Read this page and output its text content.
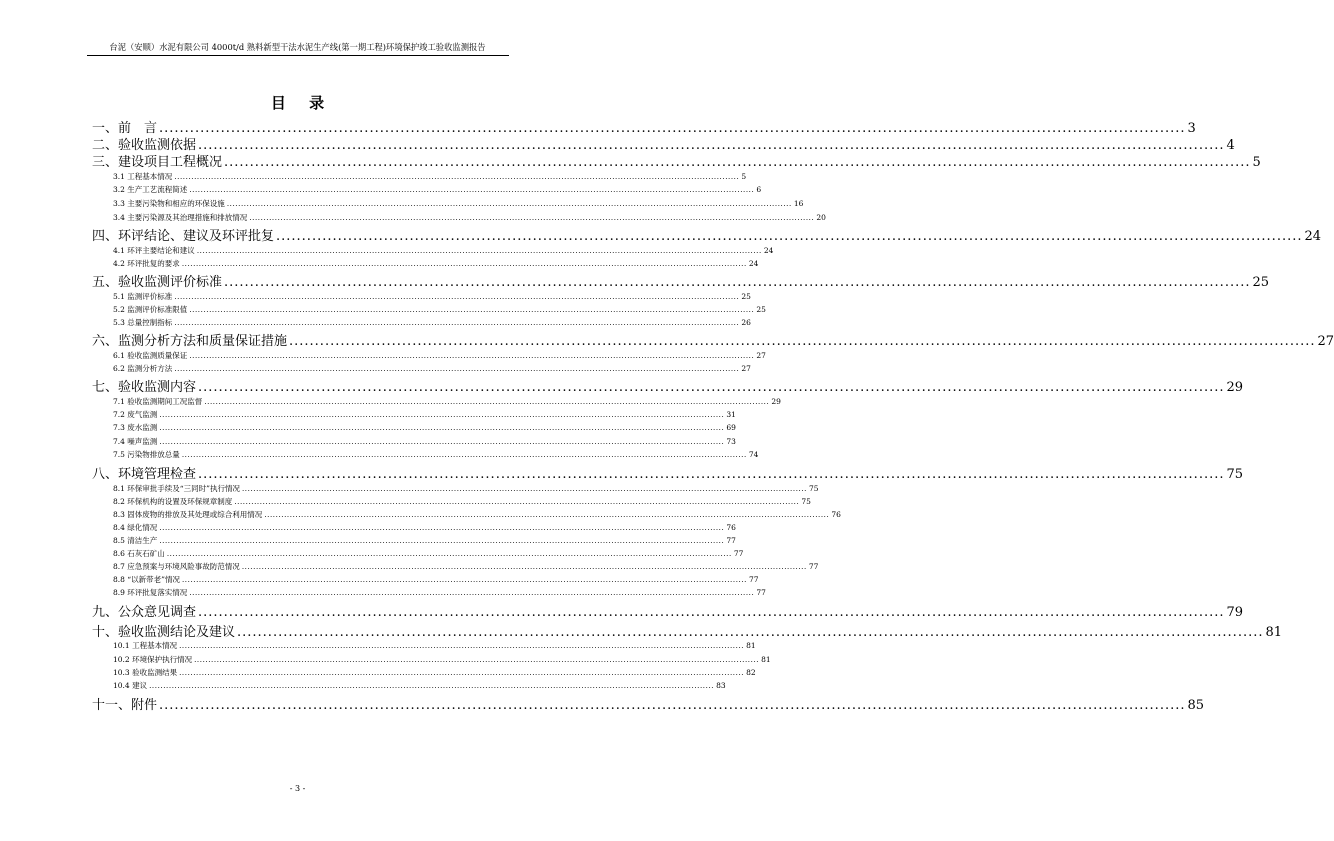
台泥（安顺）水泥有限公司 4000t/d 熟料新型干法水泥生产线(第一期工程)环境保护竣工验收监测报告
目 录
一、前　言 ........................................................................................................................................................................................................ 3
二、验收监测依据 ........................................................................................................................................................................................................ 4
三、建设项目工程概况 ........................................................................................................................................................................................................ 5
3.1 工程基本情况 ........................................................................................................................................................................................................ 5
3.2 生产工艺流程简述 ........................................................................................................................................................................................................ 6
3.3 主要污染物和相应的环保设施 ........................................................................................................................................................................................................ 16
3.4 主要污染源及其治理措施和排放情况 ........................................................................................................................................................................................................ 20
四、环评结论、建议及环评批复 ........................................................................................................................................................................................................ 24
4.1 环评主要结论和建议 ........................................................................................................................................................................................................ 24
4.2 环评批复的要求 ........................................................................................................................................................................................................ 24
五、验收监测评价标准 ........................................................................................................................................................................................................ 25
5.1 监测评价标准 ........................................................................................................................................................................................................ 25
5.2 监测评价标准限值 ........................................................................................................................................................................................................ 25
5.3 总量控制指标 ........................................................................................................................................................................................................ 26
六、监测分析方法和质量保证措施 ........................................................................................................................................................................................................ 27
6.1 验收监测质量保证 ........................................................................................................................................................................................................ 27
6.2 监测分析方法 ........................................................................................................................................................................................................ 27
七、验收监测内容 ........................................................................................................................................................................................................ 29
7.1 验收监测期间工况监督 ........................................................................................................................................................................................................ 29
7.2 废气监测 ........................................................................................................................................................................................................ 31
7.3 废水监测 ........................................................................................................................................................................................................ 69
7.4 噪声监测 ........................................................................................................................................................................................................ 73
7.5 污染物排放总量 ........................................................................................................................................................................................................ 74
八、环境管理检查 ........................................................................................................................................................................................................ 75
8.1 环保审批手续及“三同时”执行情况 ........................................................................................................................................................................................................ 75
8.2 环保机构的设置及环保规章制度 ........................................................................................................................................................................................................ 75
8.3 固体废物的排放及其处理或综合利用情况 ........................................................................................................................................................................................................ 76
8.4 绿化情况 ........................................................................................................................................................................................................ 76
8.5 清洁生产 ........................................................................................................................................................................................................ 77
8.6 石灰石矿山 ........................................................................................................................................................................................................ 77
8.7 应急预案与环境风险事故防范情况 ........................................................................................................................................................................................................ 77
8.8 “以新带老”情况 ........................................................................................................................................................................................................ 77
8.9 环评批复落实情况 ........................................................................................................................................................................................................ 77
九、公众意见调查 ........................................................................................................................................................................................................ 79
十、验收监测结论及建议 ........................................................................................................................................................................................................ 81
10.1 工程基本情况 ........................................................................................................................................................................................................ 81
10.2 环境保护执行情况 ........................................................................................................................................................................................................ 81
10.3 验收监测结果 ........................................................................................................................................................................................................ 82
10.4 建议 ........................................................................................................................................................................................................ 83
十一、附件 ........................................................................................................................................................................................................ 85
- 3 -
